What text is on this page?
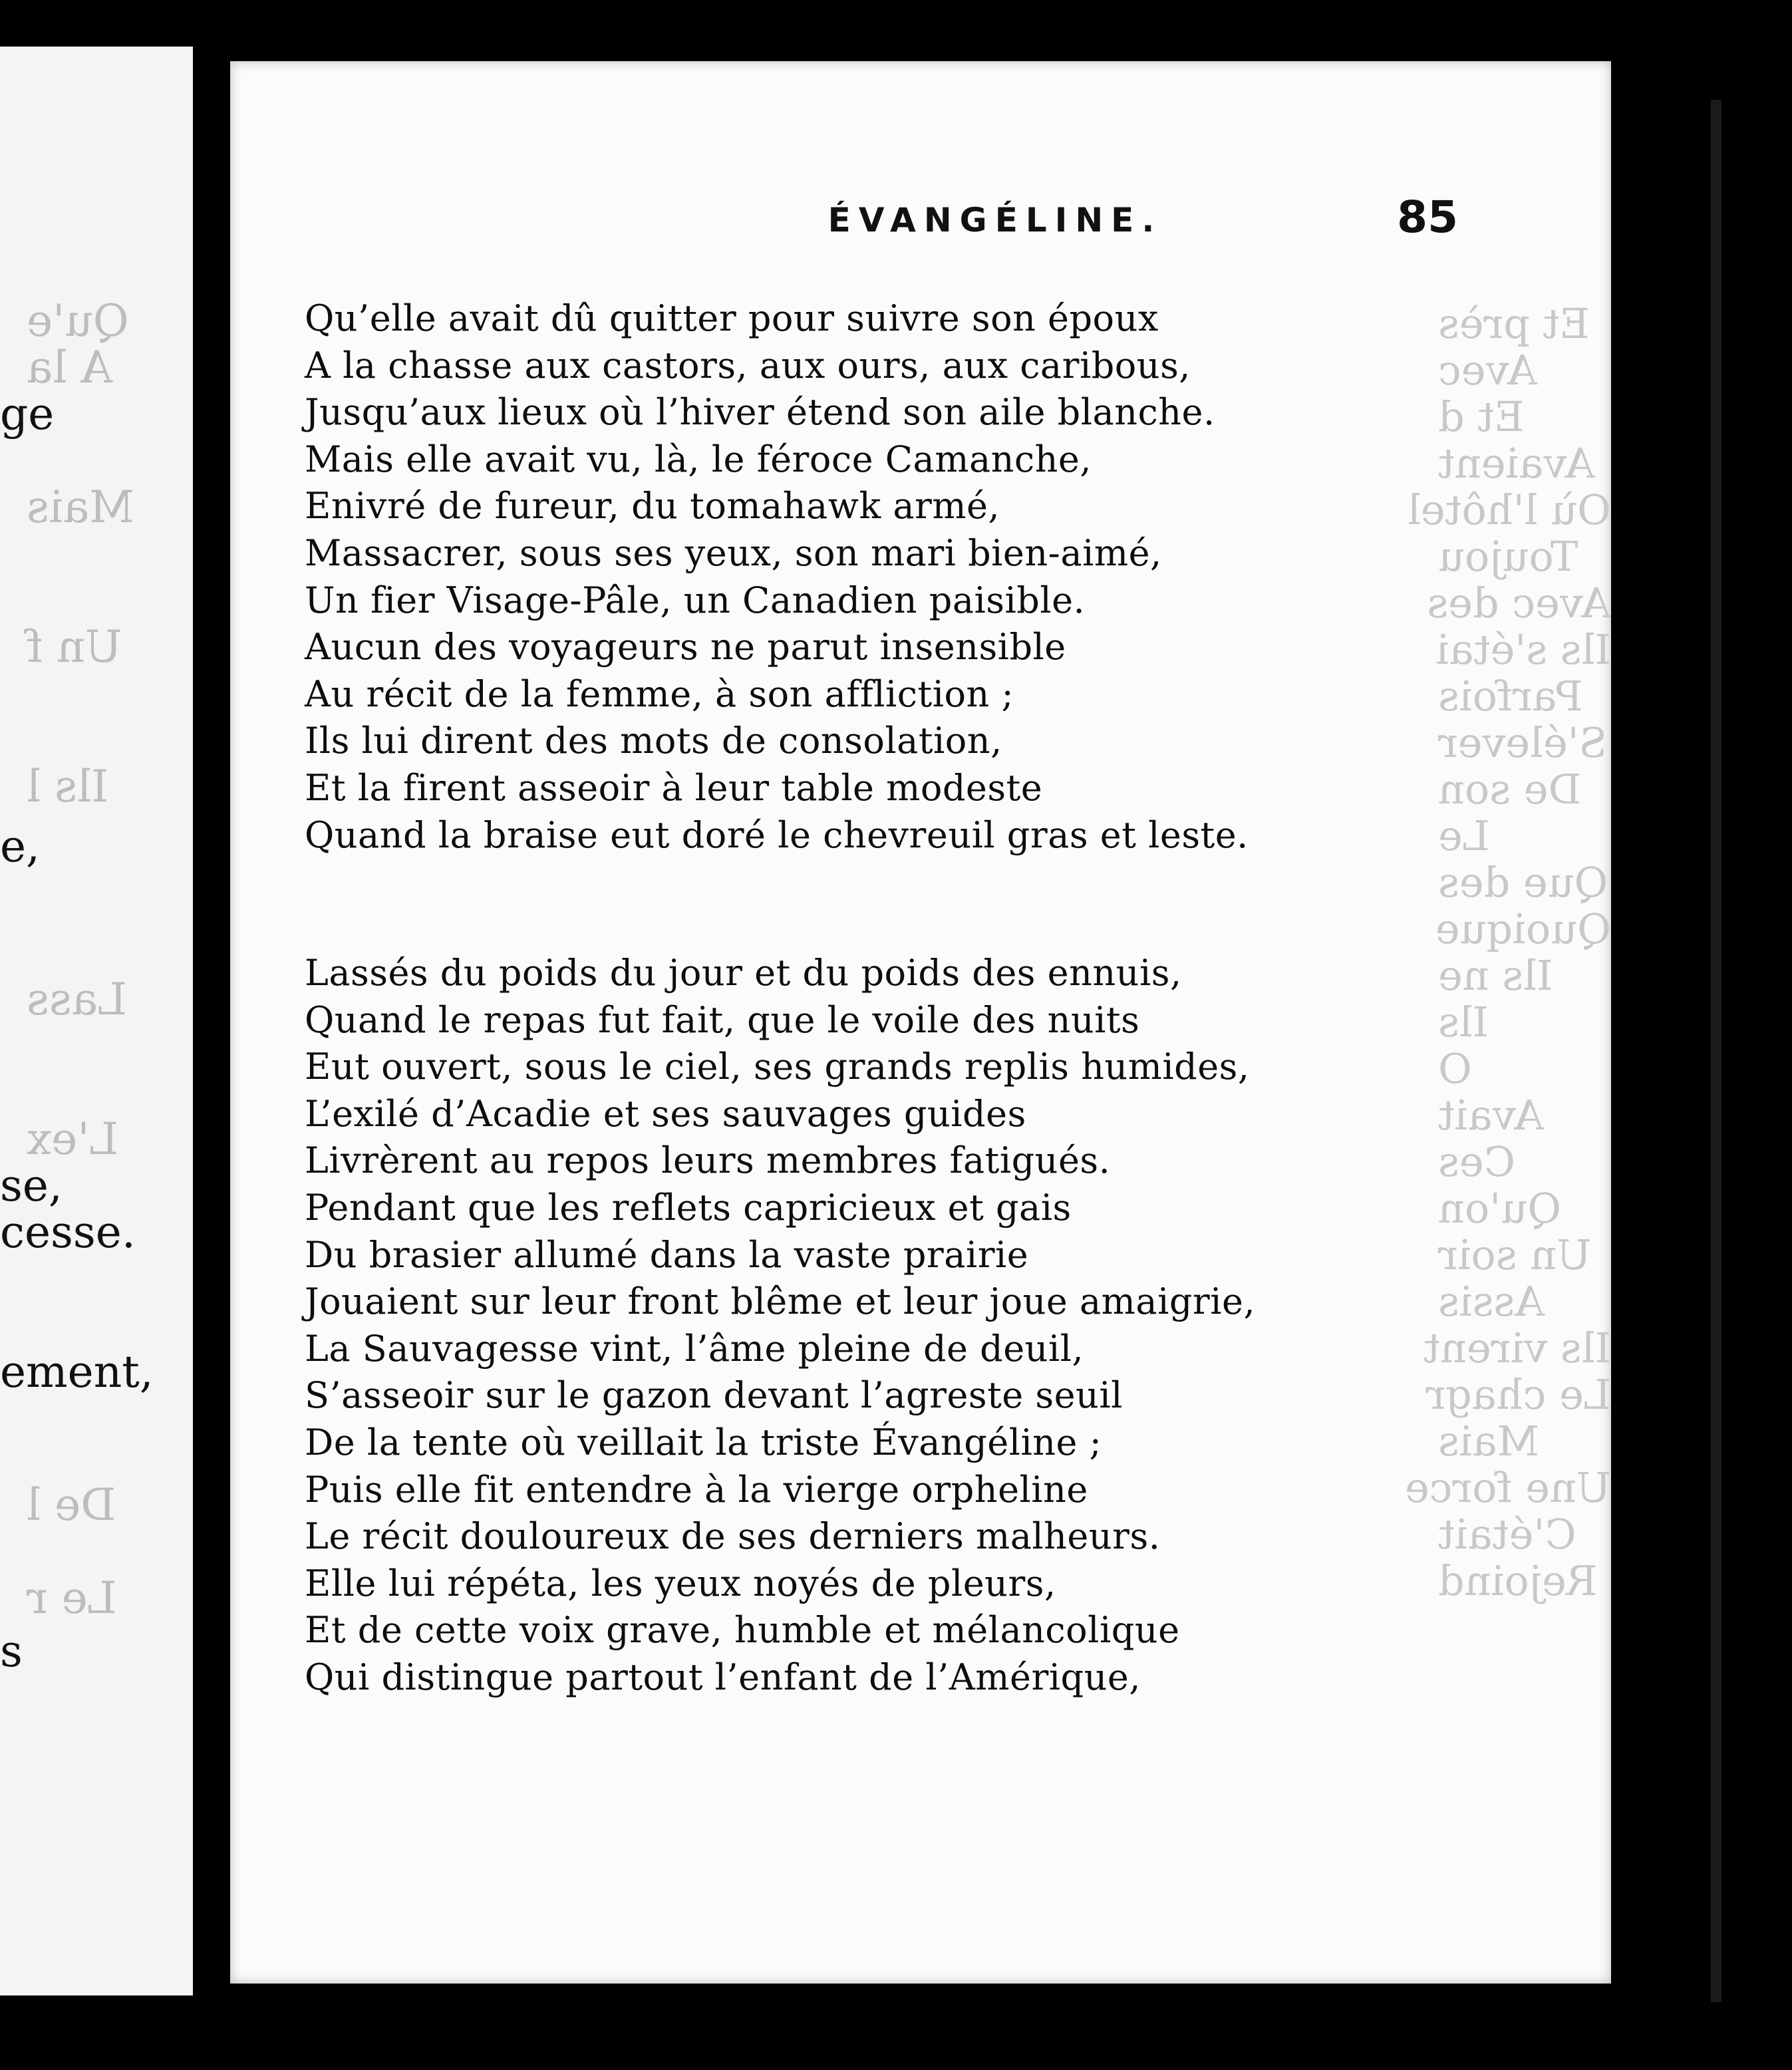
Qu'e
A la
Mais
Un f
Ils l
Lass
L'ex
De l
Le r
ge
e,
se,
cesse.
ement,
s
Et près
Avec
Et d
Avaient
Où l'hôtel
Toujou
Avec des
Ils s'étai
Parfois
S'élever
De son
Le
Que des
Quoique
Ils ne
Ils
O
Avait
Ces
Qu'on
Un soir
Assis
Ils virent
Le chagr
Mais
Une force
C'était
Rejoind
ÉVANGÉLINE.	85
Qu’elle avait dû quitter pour suivre son époux
A la chasse aux castors, aux ours, aux caribous,
Jusqu’aux lieux où l’hiver étend son aile blanche.
Mais elle avait vu, là, le féroce Camanche,
Enivré de fureur, du tomahawk armé,
Massacrer, sous ses yeux, son mari bien-aimé,
Un fier Visage-Pâle, un Canadien paisible.
Aucun des voyageurs ne parut insensible
Au récit de la femme, à son affliction ;
Ils lui dirent des mots de consolation,
Et la firent asseoir à leur table modeste
Quand la braise eut doré le chevreuil gras et leste.
Lassés du poids du jour et du poids des ennuis,
Quand le repas fut fait, que le voile des nuits
Eut ouvert, sous le ciel, ses grands replis humides,
L’exilé d’Acadie et ses sauvages guides
Livrèrent au repos leurs membres fatigués.
Pendant que les reflets capricieux et gais
Du brasier allumé dans la vaste prairie
Jouaient sur leur front blême et leur joue amaigrie,
La Sauvagesse vint, l’âme pleine de deuil,
S’asseoir sur le gazon devant l’agreste seuil
De la tente où veillait la triste Évangéline ;
Puis elle fit entendre à la vierge orpheline
Le récit douloureux de ses derniers malheurs.
Elle lui répéta, les yeux noyés de pleurs,
Et de cette voix grave, humble et mélancolique
Qui distingue partout l’enfant de l’Amérique,
